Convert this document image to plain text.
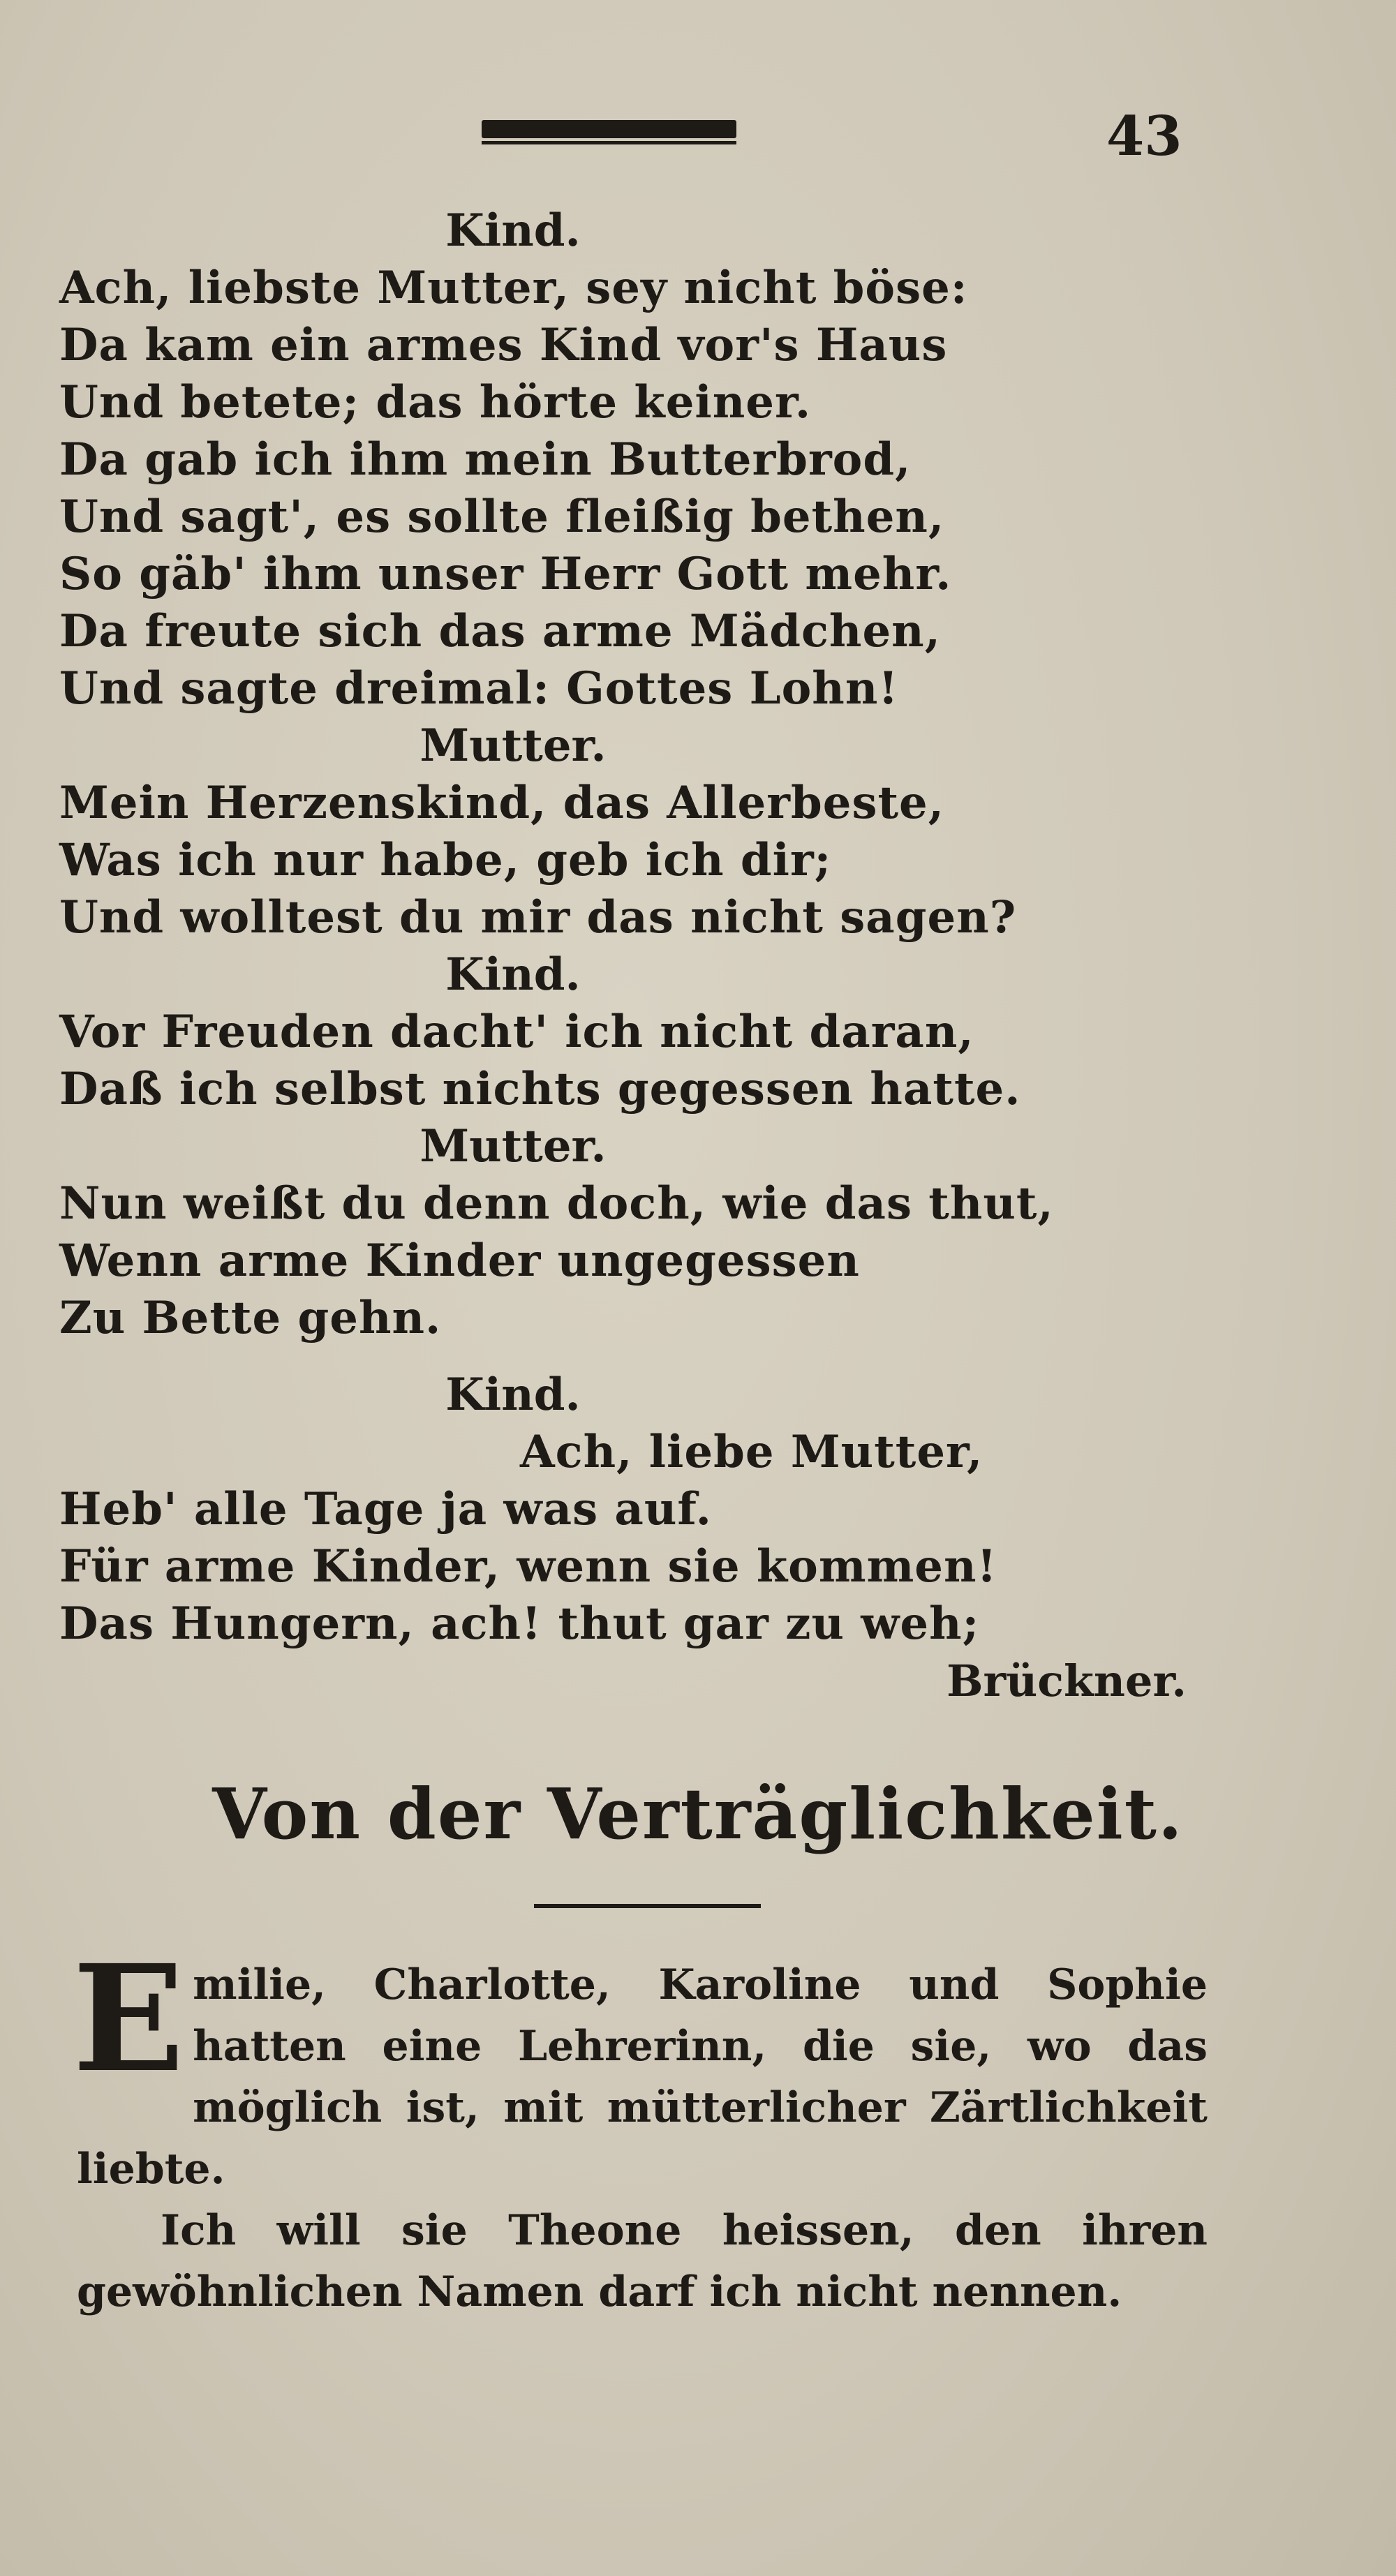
43
Kind.
Ach, liebste Mutter, sey nicht böse:
Da kam ein armes Kind vor's Haus
Und betete; das hörte keiner.
Da gab ich ihm mein Butterbrod,
Und sagt', es sollte fleißig bethen,
So gäb' ihm unser Herr Gott mehr.
Da freute sich das arme Mädchen,
Und sagte dreimal: Gottes Lohn!
Mutter.
Mein Herzenskind, das Allerbeste,
Was ich nur habe, geb ich dir;
Und wolltest du mir das nicht sagen?
Kind.
Vor Freuden dacht' ich nicht daran,
Daß ich selbst nichts gegessen hatte.
Mutter.
Nun weißt du denn doch, wie das thut,
Wenn arme Kinder ungegessen
Zu Bette gehn.
Kind.
Ach, liebe Mutter,
Heb' alle Tage ja was auf.
Für arme Kinder, wenn sie kommen!
Das Hungern, ach! thut gar zu weh;
Brückner.
Von der Verträglichkeit.

Emilie, Charlotte, Karoline und Sophie hatten eine Lehrerinn, die sie, wo das möglich ist, mit mütterlicher Zärtlichkeit liebte.

Ich will sie Theone heissen, den ihren gewöhnlichen Namen darf ich nicht nennen.
